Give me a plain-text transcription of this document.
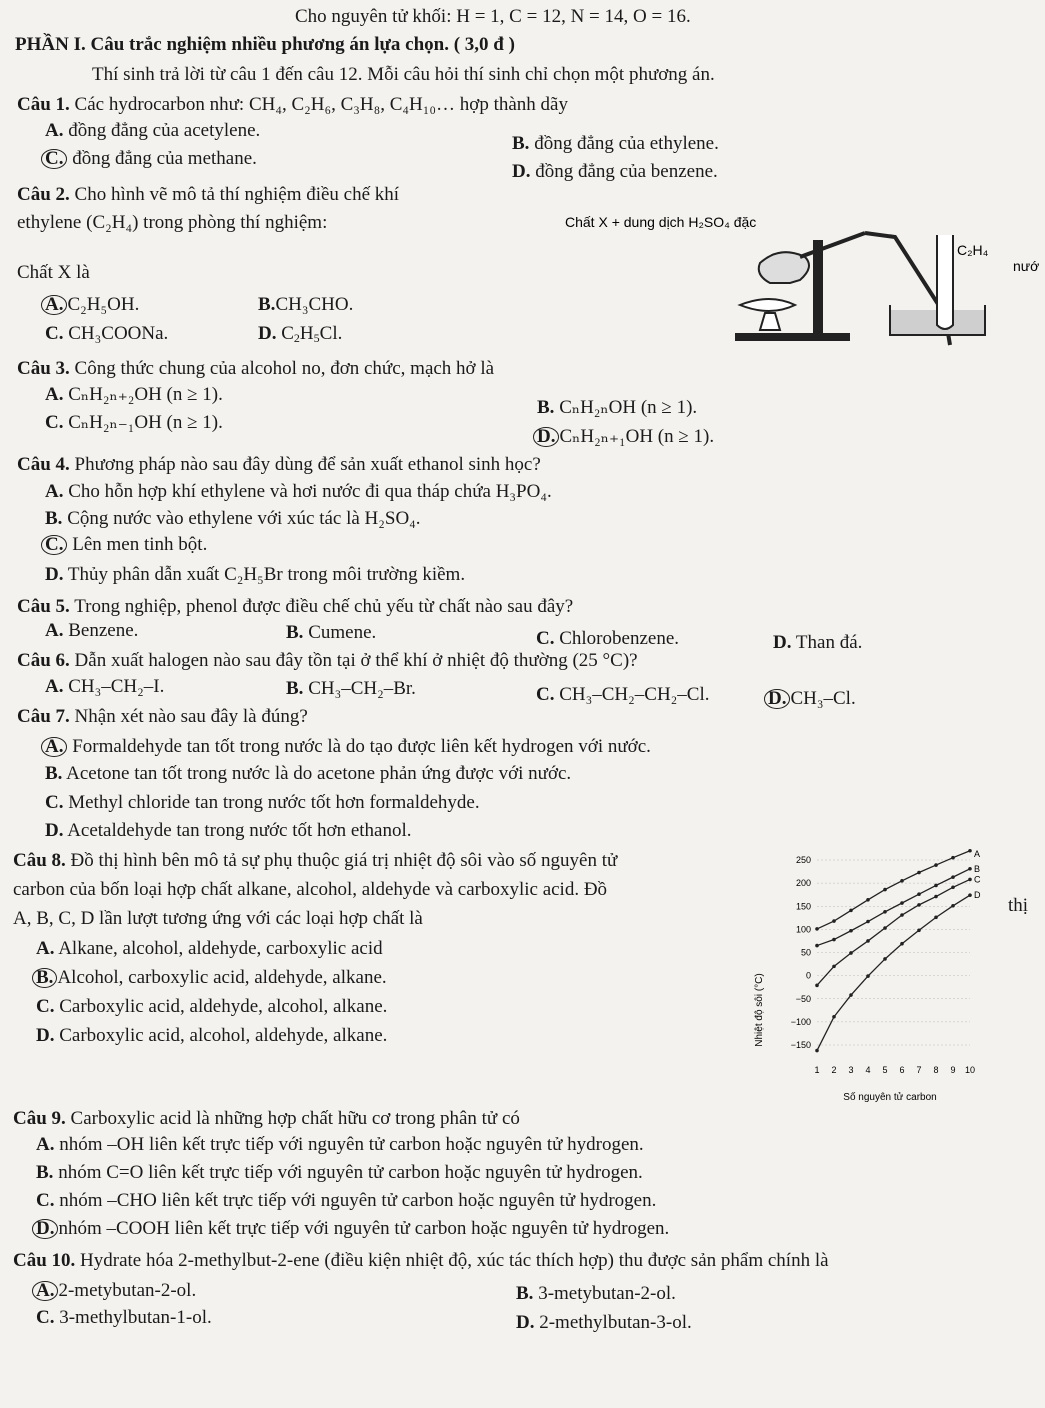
Cho nguyên tử khối: H = 1, C = 12, N = 14, O = 16.
PHẦN I. Câu trắc nghiệm nhiều phương án lựa chọn. ( 3,0 đ )
Thí sinh trả lời từ câu 1 đến câu 12. Mỗi câu hỏi thí sinh chỉ chọn một phương án.
Câu 1. Các hydrocarbon như: CH₄, C₂H₆, C₃H₈, C₄H₁₀… hợp thành dãy
A. đồng đẳng của acetylene.
B. đồng đẳng của ethylene.
C. đồng đẳng của methane.
D. đồng đẳng của benzene.
Câu 2. Cho hình vẽ mô tả thí nghiệm điều chế khí
ethylene (C₂H₄) trong phòng thí nghiệm:
Chất X là
A. C₂H₅OH.	B.CH₃CHO.
C. CH₃COONa.	D. $C_2H_5Cl$.
Chất X + dung dịch H₂SO₄ đặc
C₂H₄
nướ
Câu 3. Công thức chung của alcohol no, đơn chức, mạch hở là
A. CₙH₂ₙ₊₂OH (n ≥ 1).
B. CₙH₂ₙOH (n ≥ 1).
C. CₙH₂ₙ₋₁OH (n ≥ 1).
D. CₙH₂ₙ₊₁OH (n ≥ 1).
Câu 4. Phương pháp nào sau đây dùng để sản xuất ethanol sinh học?
A. Cho hỗn hợp khí ethylene và hơi nước đi qua tháp chứa H₃PO₄.
B. Cộng nước vào ethylene với xúc tác là H₂SO₄.
C. Lên men tinh bột.
D. Thủy phân dẫn xuất C₂H₅Br trong môi trường kiềm.
Câu 5. Trong nghiệp, phenol được điều chế chủ yếu từ chất nào sau đây?
A. Benzene.	B. Cumene.	C. Chlorobenzene.	D. Than đá.
Câu 6. Dẫn xuất halogen nào sau đây tồn tại ở thể khí ở nhiệt độ thường (25 °C)?
A. CH₃–CH₂–I.	B. CH₃–CH₂–Br.	C. CH₃–CH₂–CH₂–Cl.	D. CH₃–Cl.
Câu 7. Nhận xét nào sau đây là đúng?
A. Formaldehyde tan tốt trong nước là do tạo được liên kết hydrogen với nước.
B. Acetone tan tốt trong nước là do acetone phản ứng được với nước.
C. Methyl chloride tan trong nước tốt hơn formaldehyde.
D. Acetaldehyde tan trong nước tốt hơn ethanol.
Câu 8. Đồ thị hình bên mô tả sự phụ thuộc giá trị nhiệt độ sôi vào số nguyên tử
carbon của bốn loại hợp chất alkane, alcohol, aldehyde và carboxylic acid. Đồ
thị
A, B, C, D lần lượt tương ứng với các loại hợp chất là
A. Alkane, alcohol, aldehyde, carboxylic acid
B. Alcohol, carboxylic acid, aldehyde, alkane.
C. Carboxylic acid, aldehyde, alcohol, alkane.
D. Carboxylic acid, alcohol, aldehyde, alkane.
250
200
150
100
50
0
−50
−100
−150
1 2 3 4 5 6 7 8 9 10
A
B
C
D
Nhiệt độ sôi (°C)
Số nguyên tử carbon
Câu 9. Carboxylic acid là những hợp chất hữu cơ trong phân tử có
A. nhóm –OH liên kết trực tiếp với nguyên tử carbon hoặc nguyên tử hydrogen.
B. nhóm C=O liên kết trực tiếp với nguyên tử carbon hoặc nguyên tử hydrogen.
C. nhóm –CHO liên kết trực tiếp với nguyên tử carbon hoặc nguyên tử hydrogen.
D. nhóm –COOH liên kết trực tiếp với nguyên tử carbon hoặc nguyên tử hydrogen.
Câu 10. Hydrate hóa 2-methylbut-2-ene (điều kiện nhiệt độ, xúc tác thích hợp) thu được sản phẩm chính là
A. 2-metybutan-2-ol.	B. 3-metybutan-2-ol.
C. 3-methylbutan-1-ol.	D. 2-methylbutan-3-ol.
